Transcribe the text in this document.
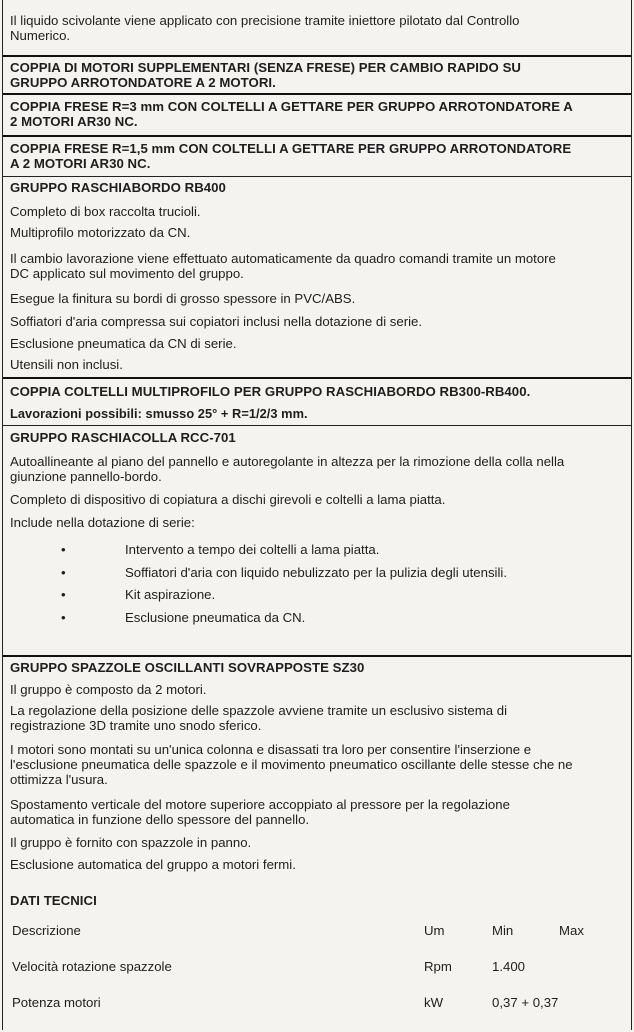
Il liquido scivolante viene applicato con precisione tramite iniettore pilotato dal Controllo

Numerico.

COPPIA DI MOTORI SUPPLEMENTARI (SENZA FRESE) PER CAMBIO RAPIDO SU
GRUPPO ARROTONDATORE A 2 MOTORI.
COPPIA FRESE R=3 mm CON COLTELLI A GETTARE PER GRUPPO ARROTONDATORE A
2 MOTORI AR30 NC.
COPPIA FRESE R=1,5 mm CON COLTELLI A GETTARE PER GRUPPO ARROTONDATORE
A 2 MOTORI AR30 NC.
GRUPPO RASCHIABORDO RB400

Completo di box raccolta trucioli.

Multiprofilo motorizzato da CN.

Il cambio lavorazione viene effettuato automaticamente da quadro comandi tramite un motore

DC applicato sul movimento del gruppo.

Esegue la finitura su bordi di grosso spessore in PVC/ABS.

Soffiatori d'aria compressa sui copiatori inclusi nella dotazione di serie.

Esclusione pneumatica da CN di serie.

Utensili non inclusi.

COPPIA COLTELLI MULTIPROFILO PER GRUPPO RASCHIABORDO RB300-RB400.
Lavorazioni possibili: smusso 25° + R=1/2/3 mm.
GRUPPO RASCHIACOLLA RCC-701

Autoallineante al piano del pannello e autoregolante in altezza per la rimozione della colla nella

giunzione pannello-bordo.

Completo di dispositivo di copiatura a dischi girevoli e coltelli a lama piatta.

Include nella dotazione di serie:

•	Intervento a tempo dei coltelli a lama piatta.
•	Soffiatori d'aria con liquido nebulizzato per la pulizia degli utensili.
•	Kit aspirazione.
•	Esclusione pneumatica da CN.
GRUPPO SPAZZOLE OSCILLANTI SOVRAPPOSTE SZ30

Il gruppo è composto da 2 motori.

La regolazione della posizione delle spazzole avviene tramite un esclusivo sistema di

registrazione 3D tramite uno snodo sferico.

I motori sono montati su un'unica colonna e disassati tra loro per consentire l'inserzione e

l'esclusione pneumatica delle spazzole e il movimento pneumatico oscillante delle stesse che ne

ottimizza l'usura.

Spostamento verticale del motore superiore accoppiato al pressore per la regolazione

automatica in funzione dello spessore del pannello.

Il gruppo è fornito con spazzole in panno.

Esclusione automatica del gruppo a motori fermi.

DATI TECNICI
Descrizione	Um	Min	Max
Velocità rotazione spazzole	Rpm	1.400
Potenza motori	kW	0,37 + 0,37
